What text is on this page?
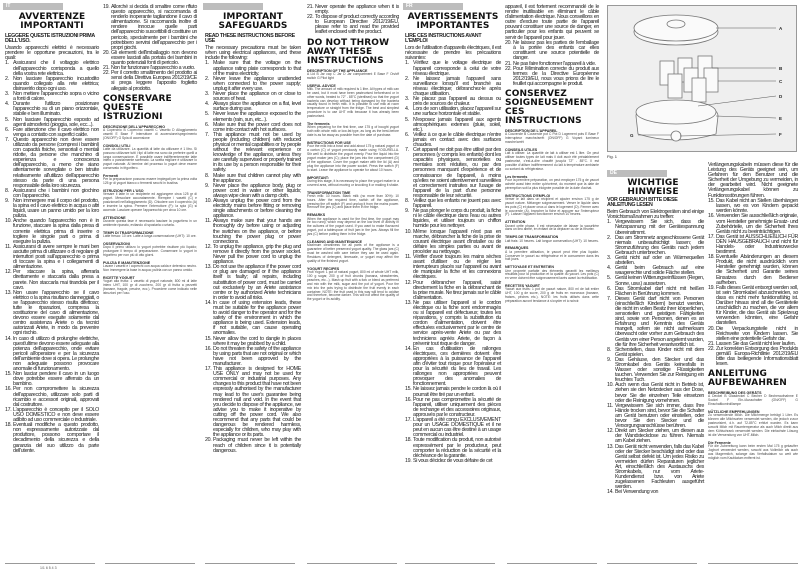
IT	FR
DE
AVVERTENZE IMPORTANTI
LEGGERE QUESTE ISTRUZIONI PRIMA DELL'USO.
Usando apparecchi elettrici è necessario prendere le opportune precauzioni, tra le quali:
1. Assicurarsi che il voltaggio elettrico dell'apparecchio corrisponda a quello della vostra rete elettrica.
2. Non lasciare l'apparecchio incustodito quando collegato alla rete elettrica; disinserirlo dopo ogni uso.
3. Non mettere l'apparecchio sopra o vicino a fonti di calore.
4. Durante l'utilizzo posizionare l'apparecchio su di un piano orizzontale, stabile e ben illuminato.
5. Non lasciare l'apparecchio esposto ad agenti atmosferici (pioggia, sole, ecc...).
6. Fare attenzione che il cavo elettrico non venga a contatto con superfici calde.
7. Questo apparecchio non deve essere utilizzato da persone (compresi i bambini) con capacità fisiche, sensoriali o mentali ridotte, da persone che manchino di esperienza e conoscenza dell'apparecchio, a meno che siano attentamente sorvegliate o ben istruite relativamente all'utilizzo dell'apparecchio stesso da parte di una persona responsabile della loro sicurezza.
8. Assicurarsi che i bambini non giochino con l'apparecchio.
9. Non immergere mai il corpo del prodotto, la spina ed il cavo elettrico in acqua o altri liquidi, usare un panno umido per la loro pulizia.
10. Anche quando l'apparecchio non è in funzione, staccare la spina dalla presa di corrente elettrica prima di inserire o togliere le singole parti o prima di eseguire la pulizia.
11. Assicurarsi di avere sempre le mani ben asciutte prima di utilizzare o di regolare gli interruttori posti sull'apparecchio o prima di toccare la spina e i collegamenti di alimentazione.
12. Per staccare la spina, afferrarla direttamente e staccarla dalla presa a parete. Non staccarla mai tirandola per il cavo.
13. Non usare l'apparecchio se il cavo elettrico o la spina risultano danneggiati, o se l'apparecchio stesso risulta difettoso; tutte le riparazioni, compresa la sostituzione del cavo di alimentazione, devono essere eseguite solamente dal centro assistenza Ariete o da tecnici autorizzati Ariete, in modo da prevenire ogni rischio.
14. In caso di utilizzo di prolunghe elettriche, quest'ultime devono essere adeguate alla potenza dell'apparecchio, onde evitare pericoli all'operatore e per la sicurezza dell'ambiente dove si opera. Le prolunghe non adeguate possono provocare anomalie di funzionamento.
15. Non lasciar pendere il cavo in un luogo dove potrebbe essere afferrato da un bambino.
16. Per non compromettere la sicurezza dell'apparecchio, utilizzare solo parti di ricambio e accessori originali, approvati dal costruttore.
17. L'apparecchio è concepito per il SOLO USO DOMESTICO e non deve essere adibito ad uso commerciale o industriale.
18. Eventuali modifiche a questo prodotto, non espressamente autorizzate dal produttore, possono comportare il decadimento della sicurezza e della garanzia del suo utilizzo da parte dell'utente.
19. Allorché si decida di smaltire come rifiuto questo apparecchio, si raccomanda di renderlo inoperante tagliandone il cavo di alimentazione. Si raccomanda inoltre di rendere innocue quelle parti dell'apparecchio suscettibili di costituire un pericolo, specialmente per i bambini che potrebbero servirsi dell'apparecchio per i propri giochi.
20. Gli elementi dell'imballaggio non devono essere lasciati alla portata dei bambini in quanto potenziali fonti di pericolo.
21. Non far funzionare l'apparecchio a vuoto.
22. Per il corretto smaltimento del prodotto ai sensi della Direttiva Europea 2012/19/CE si prega leggere l'apposito foglietto allegato al prodotto.
CONSERVARE QUESTE ISTRUZIONI
DESCRIZIONE DELL'APPARECCHIO
A Coperchio B Coperchio vasetti C Vasetto D Alloggiamento vasetti E Base F Interruttore di accensione/spegnimento (ON/OFF) G Spia di accensione
CONSIGLI UTILI
Latte da utilizzare. La quantità di latte da utilizzare è 1 litro. Si possono utilizzare tutti i tipi di latte ma sono da preferire quelli a lunga conservazione. È possibile usare indifferentemente latte intero o parzialmente scremato. La scelta migliore è utilizzare lo yogurt naturale. Al termine del processo lo yogurt deve essere conservato in frigorifero.
Fermenti
Per la preparazione possono essere impiegati per la prima volta 125 gr di yogurt bianco o fermenti secchi in bustina.
ISTRUZIONI PER L'USO
Versare il latte in un recipiente ed aggiungere circa 125 gr di yogurt. Mescolare accuratamente. Riempire i vasetti (C) e posizionarli nell'alloggiamento (D). Chiudere con il coperchio (A) e inserire la spina. Premere l'interruttore (F): la spia (G) si accende. Lasciare operare l'apparecchio per circa 10 ore.
ATTENZIONE
Durante questa fase è necessario lasciare la yogurtiera in un ambiente riparato, evitando di spostarla o urtarla.
TEMPI DI TRASFORMAZIONE
Latte fresco: 10 ore. Latte a lunga conservazione (UHT): 10 ore.
OSSERVAZIONI
Dopo il primo utilizzo lo yogurt potrebbe risultare più liquido; prolungare il tempo di preparazione. Conservare lo yogurt in frigorifero per non più di otto giorni.
PULIZIA E MANUTENZIONE
Lavare i vasetti e i coperchi con acqua calda e detersivo neutro. Non immergere la base in acqua; pulirla con un panno umido.
RICETTE YOGURT
Yogurt alla frutta: 1 vasetto di yogurt naturale, 800 ml di latte intero UHT, 100 gr di zucchero, 200 gr di frutta a pezzetti (banane, fragole, pesche, ecc.). Procedere come indicato nelle istruzioni per l'uso.
IMPORTANT SAFEGUARDS
READ THESE INSTRUCTIONS BEFORE USE
The necessary precautions must be taken when using electrical appliances, and these include the following:
1. Make sure that the voltage on the appliance rating plate corresponds to that of the mains electricity.
2. Never leave the appliance unattended when connected to the power supply; unplug it after every use.
3. Never place the appliance on or close to sources of heat.
4. Always place the appliance on a flat, level surface during use.
5. Never leave the appliance exposed to the elements (rain, sun, etc...).
6. Make sure that the power cord does not come into contact with hot surfaces.
7. This appliance must not be used by people (including children) with reduced physical or mental capabilities or by people without the relevant experience or knowledge of the appliance, unless they are carefully supervised or properly trained in its use by a person responsible for their safety.
8. Make sure that children cannot play with the appliance.
9. Never place the appliance body, plug or power cord in water or other liquids; always wipe clean with a damp cloth.
10. Always unplug the power cord from the electricity mains before fitting or removing single attachments or before cleaning the appliance.
11. Always make sure that your hands are thoroughly dry before using or adjusting the switches on the appliance, or before touching the power plug or power connections.
12. To unplug the appliance, grip the plug and remove it directly from the power socket. Never pull the power cord to unplug the appliance.
13. Do not use the appliance if the power cord or plug are damaged or if the appliance itself is faulty; all repairs, including substitution of power cord, must be carried out exclusively by an Ariete assistance centre or by authorized Ariete technicians in order to avoid all risks.
14. In case of using extension leads, these must be suitable for the appliance power to avoid danger to the operator and for the safety of the environment in which the appliance is being used. Extension leads, if not suitable, can cause operating anomalies.
15. Never allow the cord to dangle in places where it may be grabbed by a child.
16. Do not threaten the safety of the appliance by using parts that are not original or which have not been approved by the manufacturer.
17. This appliance is designed for HOME USE ONLY and may not be used for commercial or industrial purposes. Any changes to this product that have not been expressly authorised by the manufacturer may lead to the user's guarantee being rendered null and void. In the event that you decide to dispose of the appliance, we advise you to make it inoperative by cutting off the power cord. We also recommend that any parts that could be dangerous be rendered harmless, especially for children, who may play with the appliance or its parts.
20. Packaging must never be left within the reach of children since it is potentially dangerous.
21. Never operate the appliance when it is empty.
22. To dispose of product correctly according to European Directive 2012/19/EU, please refer to and read the provided leaflet enclosed with the product.
DO NOT THROW AWAY THESE INSTRUCTIONS
DESCRIPTION OF THE APPLIANCE
A Lid B Jar cap C Jar D Jar compartment E Base F On/off switch G Pilot light
USEFUL ADVICE
Milk. The amount of milk required is 1 litre. All types of milk can be used, but it must have been pasteurised beforehand or in other words, heated to 72° - 85°C (sterilised) so that the yogurt bacteria can develop without being damaged by the bacteria usually found in fresh milk. It is possible to use milk at room temperature or straight from the fridge. The best and simplest procedure is to use UHT milk because it has already been pasteurised.
The ferments
When preparing for the first time, use 175 g of bought yogurt both with whole milk or low-fat type, as long as the best-before date is as far away as possible from the date of purchase.
INSTRUCTIONS FOR USE
Pour the milk into a bowl and add about 175 g natural yogurt or a carton (C) of yogurt previously made using YOGURELLA. Stir well to distribute the yogurt evenly. Pour the liquid into the yogurt maker jars (C); place the jars into the compartment (D) of the appliance. Cover the yogurt maker with the lid (A) and plug the appliance into the power socket. Press the switch (F) to start. Leave the appliance to operate for about 10 hours.
IMPORTANT:
During this stage, it is necessary to place the yogurt maker in a covered area, without moving or knocking it or making it shake.
TRANSFORMATION TIME
Fresh milk: 10 hours. Blank milk (no more than 30%): 10 hours. After the required time, switch off the appliance, pressing the off switch (F) and unplug it from the mains power. Remove the jars (C) and place them in the fridge.
REMARKS
When the appliance is used for the first time, the yogurt may be too runny, which may depend on the low level of activity in the cultures of the yogurt used. If you want to make flavoured yogurt, put a tablespoon of fruit jam in the jars. Always fill the jars (C) before putting them in the fridge.
CLEANING AND MAINTENANCE
Maximum cleanliness for all parts of the appliance is a guarantee of better preserved yogurt quality. The glass jars (C) must be washed with care before they can be used again. Residues of detergent, limescale, or yogurt may affect the quality of the finished yogurt.
YOGURT RECIPES
Fruit Yogurt: 1 pot of natural yogurt, 800 ml of whole UHT milk, 100 g sugar, 200 g of fruit chunks (banana, strawberries, peaches, etc...). Mash up fruit with a fork or blend as preferred and mix with the milk, sugar and the pot of yogurt. Pour the mix into the pots trying to distribute the fruit evenly in each container. NOTE: the fruit used in this way will tend to oxidise and therefore, become darker. This will not affect the quality of the yogurt or its acidity.
AVERTISSEMENTS IMPORTANTES
LIRE CES INSTRUCTIONS AVANT L'EMPLOI
Lors de l'utilisation d'appareils électriques, il est nécessaire de prendre les précautions suivantes:
1. Vérifiez que le voltage électrique de l'appareil corresponde à celui de votre réseau électrique.
2. Ne laissez jamais l'appareil sans surveillance lorsqu'il est branché au réseau électrique; débranchez-le après chaque utilisation.
3. Ne placez pas l'appareil au dessus ou près de sources de chaleur.
4. Lors de son utilisation, placez l'appareil sur une surface horizontale et stable.
5. N'exposez jamais l'appareil aux agents atmosphériques externes (pluie, soleil, etc.).
6. Veillez à ce que le câble électrique n'entre jamais en contact avec des surfaces chaudes.
7. Cet appareil ne doit pas être utilisé par des personnes (y compris les enfants) dont les capacités physiques, sensorielles ou mentales sont réduites, ou par des personnes manquant d'expérience et de connaissance de l'appareil, à moins qu'elles ne soient attentivement surveillées et correctement instruites sur l'usage de l'appareil de la part d'une personne responsable de leur sécurité.
8. Veillez que les enfants ne jouent pas avec l'appareil.
9. Ne pas plonger le corps du produit, la fiche ni le câble électrique dans l'eau ou autres liquides, et utiliser toujours un chiffon humide pour les nettoyer.
10. Même lorsque l'appareil n'est pas en marche, débrancher la fiche de la prise de courant électrique avant d'installer ou de défaire les simples parties ou avant de procéder au nettoyage.
11. Vérifier d'avoir toujours les mains sèches avant d'utiliser ou de régler les interrupteurs placés sur l'appareil ou avant de manipuler la fiche et les connexions électriques.
12. Pour débrancher l'appareil, saisir directement la fiche en la débranchant de la prise murale. Ne tirez jamais sur le câble d'alimentation.
13. Ne pas utiliser l'appareil si le cordon électrique ou la fiche sont endommagés ou si l'appareil est défectueux; toutes les réparations, y compris la substitution du cordon d'alimentation, doivent être effectuées exclusivement par le centre de service après-vente Ariete ou par des techniciens agréés Ariete, de façon à prévenir tout risque de danger.
14. En cas d'utilisation de rallonges électriques, ces dernières doivent être appropriées à la puissance de l'appareil afin d'éviter tout risque pour l'opérateur et pour la sécurité du lieu de travail. Les rallonges non appropriées peuvent provoquer des anomalies de fonctionnement.
15. Ne laissez jamais pendre le cordon là où il pourrait être tiré par un enfant.
16. Pour ne pas compromettre la sécurité de l'appareil, utiliser uniquement des pièces de rechange et des accessoires originaux, approuvés par le constructeur.
17. L'appareil a été conçu EXCLUSIVEMENT pour un USAGE DOMESTIQUE et il ne peut en aucun cas être destiné à un usage commercial ou industriel.
18. Toute modification du produit, non autorisé expressément par le producteur, peut comporter la réduction de la sécurité et la déchéance de la garantie.
19. Si vous décidez de vous défaire de cet
appareil, il est fortement recommandé de le rendre inutilisable en éliminant le câble d'alimentation électrique. Nous conseillons en outre d'exclure toute partie de l'appareil pouvant constituer une source de danger, en particulier pour les enfants qui peuvent se servir de l'appareil pour jouer.
20. Ne laissez pas les parties de l'emballage à la portée des enfants car elles constituent une source potentielle de danger.
21. Ne pas faire fonctionner l'appareil à vide.
22. Pour l'élimination correcte du produit aux termes de la Directive Européenne 2012/19/EU, nous vous prions de lire le feuillet qui accompagne le produit.
CONSERVEZ SOIGNEUSEMENT CES INSTRUCTIONS
DESCRIPTION DE L'APPAREIL
A Couvercle B Couvercle pot C Pot D Logement pots E Base F Interrupteur marche/arrêt (ON/OFF) G Voyant lumineux marche/arrêt
CONSEILS UTILES
Lait à utiliser. La quantité de lait à utiliser est 1 litre. On peut utiliser toutes types de lait mais il doit avoir été préalablement pasteurisé, c'est-à-dire chauffé jusqu'à 72° - 85°C. Il est possible d'utiliser indifféremment du lait à température ambiante ou sortant du réfrigérateur.
Les ferments
Pour la première préparation, on peut employer 175 g de yaourt acheté aussi bien entier qu'écrémé, du moment que la date de péremption soit la plus éloignée possible de la date d'achat.
INSTRUCTIONS D'EMPLOI
Verser le lait dans un récipient et ajouter environ 175 g de yaourt nature. Mélanger soigneusement. Verser le liquide dans les pots (C) et placer ceux-ci dans le logement (D). Fermer avec le couvercle (A), brancher la fiche et appuyer sur l'interrupteur (F). Laisser l'appareil fonctionner environ 10 heures.
ATTENTION
Durant cette phase, il est nécessaire de laisser la yaourtière dans un lieu abrité, en évitant de la déplacer ou de la heurter.
TEMPS DE TRANSFORMATION
Lait frais: 10 heures. Lait longue conservation (UHT): 10 heures.
REMARQUES
À la première utilisation, le yaourt peut être plus liquide. Conserver le yaourt au réfrigérateur et le consommer dans les huit jours.
NETTOYAGE ET ENTRETIEN
Une propreté parfaite des éléments garantit les meilleurs résultats pour la production et la qualité du yaourt. Les pots (C) en verre doivent être soigneusement lavés avant la réutilisation.
RECETTES YAOURT
Yaourt aux fruits: 1 pot de yaourt nature, 800 ml de lait entier UHT, 100 g de sucre, 200 g de fruits en morceaux (banane, fraises, pêches etc.). NOTE: les fruits utilisés dans cette préparation auront tendance à s'oxyder et à noircir.
A
B
C
D
E
F
G
Fig. 1
WICHTIGE HINWEISE
VOR GEBRAUCH BITTE DIESE ANLEITUNG LESEN
Beim Gebrauch von Elektrogeräten sind einige Vorsichtsmaßnahmen zu treffen:
1. Vergewissern Sie sich, dass die Netzspannung mit der Gerätespannung übereinstimmt.
2. Das am Stromnetz angeschlossene Gerät niemals unbeaufsichtigt lassen; die Stromzuführung des Geräts nach jedem Gebrauch unterbrechen.
3. Gerät nicht auf oder an Wärmequellen abstellen.
4. Gerät beim Gebrauch auf eine waagerechte und solide Fläche stellen.
5. Gerät keinen Witterungseinflüssen (Regen, Sonne, usw.) aussetzen.
6. Das Stromkabel darf nicht mit heißen Flächen in Berührung kommen.
7. Dieses Gerät darf nicht von Personen (einschließlich Kindern) benutzt werden, die nicht im vollen Besitz ihrer körperlichen, sensoriellen und geistigen Fähigkeiten sind, sowie von Personen, denen es an Erfahrung und Kenntnis des Geräts mangelt, sofern sie nicht aufmerksam überwacht oder vorher zum Gebrauch des Geräts von einer Person angelernt wurden, die für ihre Sicherheit verantwortlich ist.
8. Sicherstellen, dass Kinder nicht mit dem Gerät spielen.
9. Das Gehäuse, den Stecker und das Stromkabel des Geräts keinesfalls in Wasser oder sonstige Flüssigkeiten tauchen. Verwenden Sie zur Reinigung ein feuchtes Tuch.
10. Auch wenn das Gerät nicht in Betrieb ist, ziehen sie den Netzstecker aus der Dose, bevor Sie die einzelnen Teile einsetzen oder die Reinigung vornehmen.
11. Vergewissern Sie sich immer, dass Ihre Hände trocken sind, bevor Sie die Schalter am Gerät benutzen oder einstellen, oder bevor Sie den Stecker und die Versorgungsanschlüsse berühren.
12. Direkt am Stecker ziehen, um diesen aus der Wandsteckdose zu führen. Niemals am Kabel ziehen.
13. Das Gerät nicht verwenden, falls das Kabel oder der Stecker beschädigt sind oder das Gerät selbst defekt ist. Um jedes Risiko zu vermeiden dürfen Reparaturen jeglicher Art, einschließlich des Austauschs des Stromkabels, nur vom Ariete- Kundendienst bzw. von Ariete zugelassenen Fachleuten ausgeführt werden.
14. Bei Verwendung von
Verlängerungskabeln müssen diese für die Leistung des Geräts geeignet sein, um Gefahren für den Benutzer und die Sicherheit der Umgebung zu vermeiden, in der gearbeitet wird. Nicht geeignete Verlängerungskabel können zu Funktionsstörungen führen.
15. Das Kabel nicht an Stellen überhängen lassen, wo es von Kindern gepackt werden könnte.
16. Verwenden Sie ausschließlich originale, vom Hersteller genehmigte Ersatz- und Zubehörteile, um die Sicherheit Ihres Geräts nicht zu beeinträchtigen.
17. Das Gerät ist AUSSCHLIEßLICH FÜR DEN HAUSGEBRAUCH und nicht für Handels- oder Industriezwecke bestimmt.
18. Eventuelle Abänderungen an diesem Produkt, die nicht ausdrücklich vom Hersteller genehmigt wurden, können die Sicherheit und Garantie seines Einsatzes durch den Bediener aufheben.
19. Falls dieses Gerät entsorgt werden soll, ist sein Stromkabel abzuschneiden, so dass es nicht mehr funktionsfähig ist. Darüber hinaus sind all die Geräteteile unschädlich zu machen, die vor allem für Kinder, die das Gerät als Spielzeug verwenden könnten, eine Gefahr darstellen.
20. Die Verpackungsteile nicht in Reichweite von Kindern lassen. Sie stellen eine potentielle Gefahr dar.
21. Lassen Sie das Gerät nicht leer laufen.
22. Zur korrekten Entsorgung des Produkts gemäß Europa-Richtlinie 2012/19/EU bitte das beiliegende Informationsblatt lesen.
ANLEITUNG AUFBEWAHREN
BESCHREIBUNG DES GERÄTS
A Deckel B Glasdeckel C Becher D Becheraufnahme E Sockel F Ein-/Ausschalter (ON/OFF) G Einschaltkontrolllampe
NÜTZLICHE EMPFEHLUNGEN
Zu verwendende Milch. Die Milchmenge beträgt 1 Liter. Es können alle Milchsorten verwendet werden, die jedoch zuvor pasteurisiert, d.h. auf 72-85°C erhitzt wurden. Es kann sowohl Milch mit Raumtemperatur als auch Milch direkt aus dem Kühlschrank verwendet werden. Die einfachste Lösung ist die Verwendung von UHT-Milch.
Die Fermente
Für die Zubereitung kann beim ersten Mal 175 g gekaufter Joghurt verwendet werden, sowohl aus Vollmilch als auch aus Magermilch, solange das Verfallsdatum so weit wie möglich vom Kaufdatum entfernt ist.
1/1 6 5 4 3
